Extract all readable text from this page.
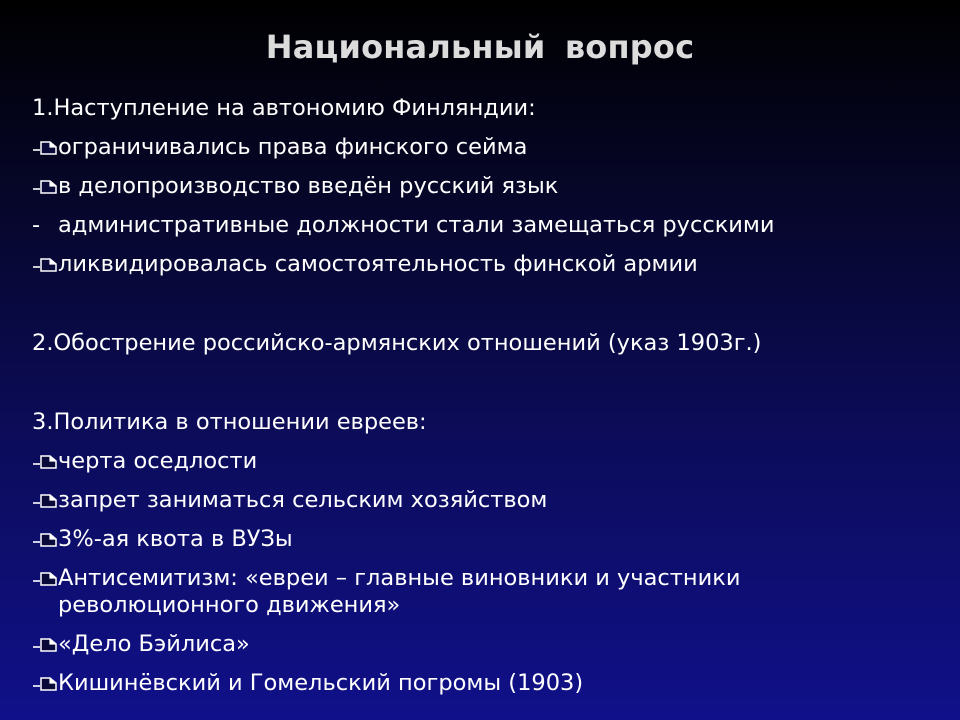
Национальный вопрос
1.Наступление на автономию Финляндии:
ограничивались права финского сейма
в делопроизводство введён русский язык
- административные должности стали замещаться русскими
ликвидировалась самостоятельность финской армии
2.Обострение российско-армянских отношений (указ 1903г.)
3.Политика в отношении евреев:
черта оседлости
запрет заниматься сельским хозяйством
3%-ая квота в ВУЗы
Антисемитизм: «евреи – главные виновники и участники революционного движения»
«Дело Бэйлиса»
Кишинёвский и Гомельский погромы (1903)
